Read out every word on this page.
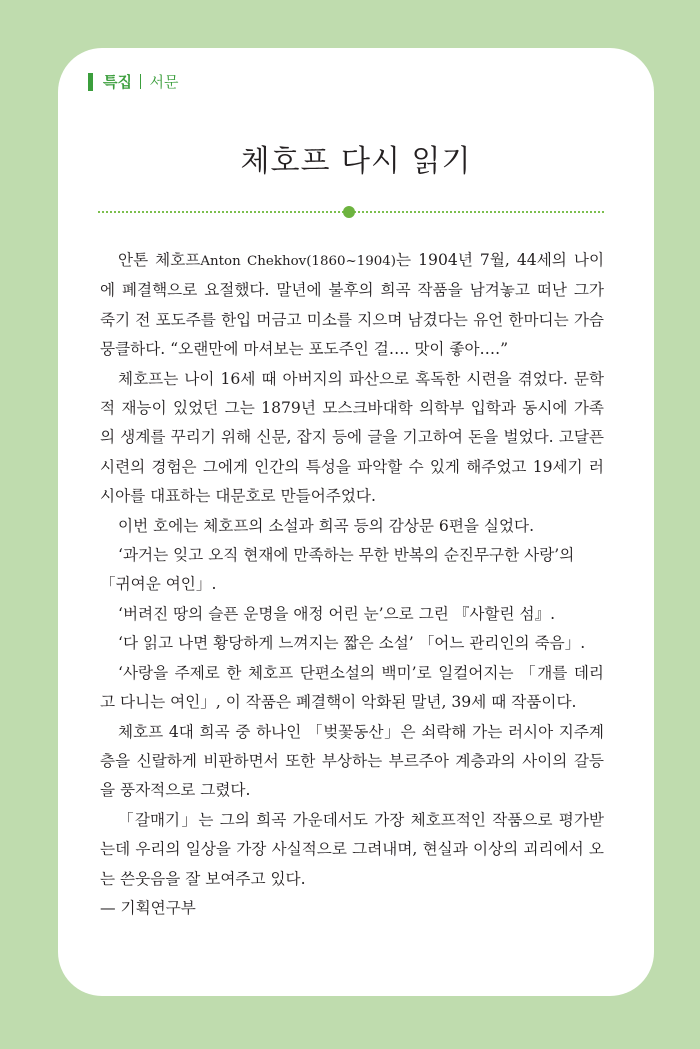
특집 서문
체호프 다시 읽기

안톤 체호프Anton Chekhov(1860~1904)는 1904년 7월, 44세의 나이에 폐결핵으로 요절했다. 말년에 불후의 희곡 작품을 남겨놓고 떠난 그가 죽기 전 포도주를 한입 머금고 미소를 지으며 남겼다는 유언 한마디는 가슴 뭉클하다. “오랜만에 마셔보는 포도주인 걸…. 맛이 좋아….”

체호프는 나이 16세 때 아버지의 파산으로 혹독한 시련을 겪었다. 문학적 재능이 있었던 그는 1879년 모스크바대학 의학부 입학과 동시에 가족의 생계를 꾸리기 위해 신문, 잡지 등에 글을 기고하여 돈을 벌었다. 고달픈 시련의 경험은 그에게 인간의 특성을 파악할 수 있게 해주었고 19세기 러시아를 대표하는 대문호로 만들어주었다.

이번 호에는 체호프의 소설과 희곡 등의 감상문 6편을 실었다.

‘과거는 잊고 오직 현재에 만족하는 무한 반복의 순진무구한 사랑’의

「귀여운 여인」.

‘버려진 땅의 슬픈 운명을 애정 어린 눈’으로 그린 『사할린 섬』.

‘다 읽고 나면 황당하게 느껴지는 짧은 소설’ 「어느 관리인의 죽음」.

‘사랑을 주제로 한 체호프 단편소설의 백미’로 일컬어지는 「개를 데리고 다니는 여인」, 이 작품은 폐결핵이 악화된 말년, 39세 때 작품이다.

체호프 4대 희곡 중 하나인 「벚꽃동산」은 쇠락해 가는 러시아 지주계층을 신랄하게 비판하면서 또한 부상하는 부르주아 계층과의 사이의 갈등을 풍자적으로 그렸다.

「갈매기」는 그의 희곡 가운데서도 가장 체호프적인 작품으로 평가받는데 우리의 일상을 가장 사실적으로 그려내며, 현실과 이상의 괴리에서 오는 쓴웃음을 잘 보여주고 있다.

— 기획연구부
